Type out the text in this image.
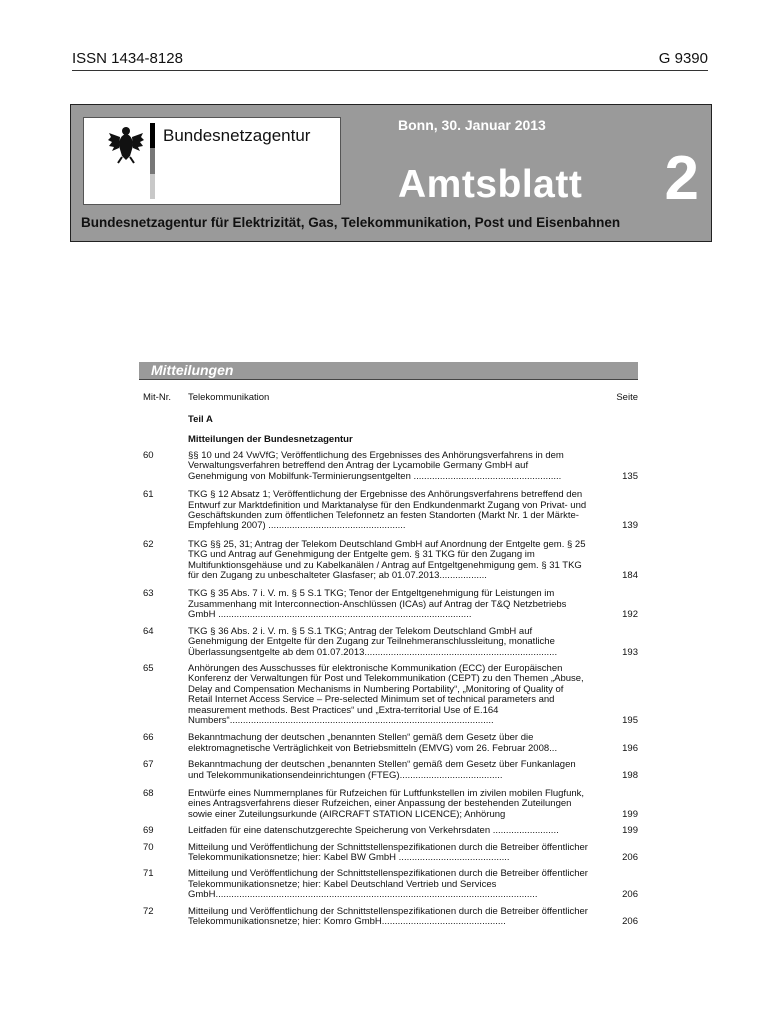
ISSN 1434-8128	G 9390
Bundesnetzagentur
Bonn, 30. Januar 2013
Amtsblatt 2
Bundesnetzagentur für Elektrizität, Gas, Telekommunikation, Post und Eisenbahnen
Mitteilungen
Mit-Nr.	Telekommunikation	Seite
Teil A
Mitteilungen der Bundesnetzagentur
60	§§ 10 und 24 VwVfG; Veröffentlichung des Ergebnisses des Anhörungsverfahrens in dem Verwaltungsverfahren betreffend den Antrag der Lycamobile Germany GmbH auf Genehmigung von Mobilfunk-Terminierungsentgelten ........................................................	135
61	TKG § 12 Absatz 1; Veröffentlichung der Ergebnisse des Anhörungsverfahrens betreffend den Entwurf zur Marktdefinition und Marktanalyse für den Endkundenmarkt Zugang von Privat- und Geschäftskunden zum öffentlichen Telefonnetz an festen Standorten (Markt Nr. 1 der Märkte-Empfehlung 2007) ....................................................	139
62	TKG §§ 25, 31; Antrag der Telekom Deutschland GmbH auf Anordnung der Entgelte gem. § 25 TKG und Antrag auf Genehmigung der Entgelte gem. § 31 TKG für den Zugang im Multifunktionsgehäuse und zu Kabelkanälen / Antrag auf Entgeltgenehmigung gem. § 31 TKG für den Zugang zu unbeschalteter Glasfaser; ab 01.07.2013..................	184
63	TKG § 35 Abs. 7 i. V. m. § 5 S.1 TKG; Tenor der Entgeltgenehmigung für Leistungen im Zusammenhang mit Interconnection-Anschlüssen (ICAs) auf Antrag der T&Q Netzbetriebs GmbH ................................................................................................	192
64	TKG § 36 Abs. 2 i. V. m. § 5 S.1 TKG; Antrag der Telekom Deutschland GmbH auf Genehmigung der Entgelte für den Zugang zur Teilnehmeranschlussleitung, monatliche Überlassungsentgelte ab dem 01.07.2013.........................................................................	193
65	Anhörungen des Ausschusses für elektronische Kommunikation (ECC) der Europäischen Konferenz der Verwaltungen für Post und Telekommunikation (CEPT) zu den Themen „Abuse, Delay and Compensation Mechanisms in Numbering Portability“, „Monitoring of Quality of Retail Internet Access Service – Pre-selected Minimum set of technical parameters and measurement methods. Best Practices“ und „Extra-territorial Use of E.164 Numbers“....................................................................................................	195
66	Bekanntmachung der deutschen „benannten Stellen“ gemäß dem Gesetz über die elektromagnetische Verträglichkeit von Betriebsmitteln (EMVG) vom 26. Februar 2008...	196
67	Bekanntmachung der deutschen „benannten Stellen“ gemäß dem Gesetz über Funkanlagen und Telekommunikationsendeinrichtungen (FTEG).......................................	198
68	Entwürfe eines Nummernplanes für Rufzeichen für Luftfunkstellen im zivilen mobilen Flugfunk, eines Antragsverfahrens dieser Rufzeichen, einer Anpassung der bestehenden Zuteilungen sowie einer Zuteilungsurkunde (AIRCRAFT STATION LICENCE); Anhörung	199
69	Leitfaden für eine datenschutzgerechte Speicherung von Verkehrsdaten .........................	199
70	Mitteilung und Veröffentlichung der Schnittstellenspezifikationen durch die Betreiber öffentlicher Telekommunikationsnetze; hier: Kabel BW GmbH ..........................................	206
71	Mitteilung und Veröffentlichung der Schnittstellenspezifikationen durch die Betreiber öffentlicher Telekommunikationsnetze; hier: Kabel Deutschland Vertrieb und Services GmbH..........................................................................................................................	206
72	Mitteilung und Veröffentlichung der Schnittstellenspezifikationen durch die Betreiber öffentlicher Telekommunikationsnetze; hier: Komro GmbH...............................................	206
